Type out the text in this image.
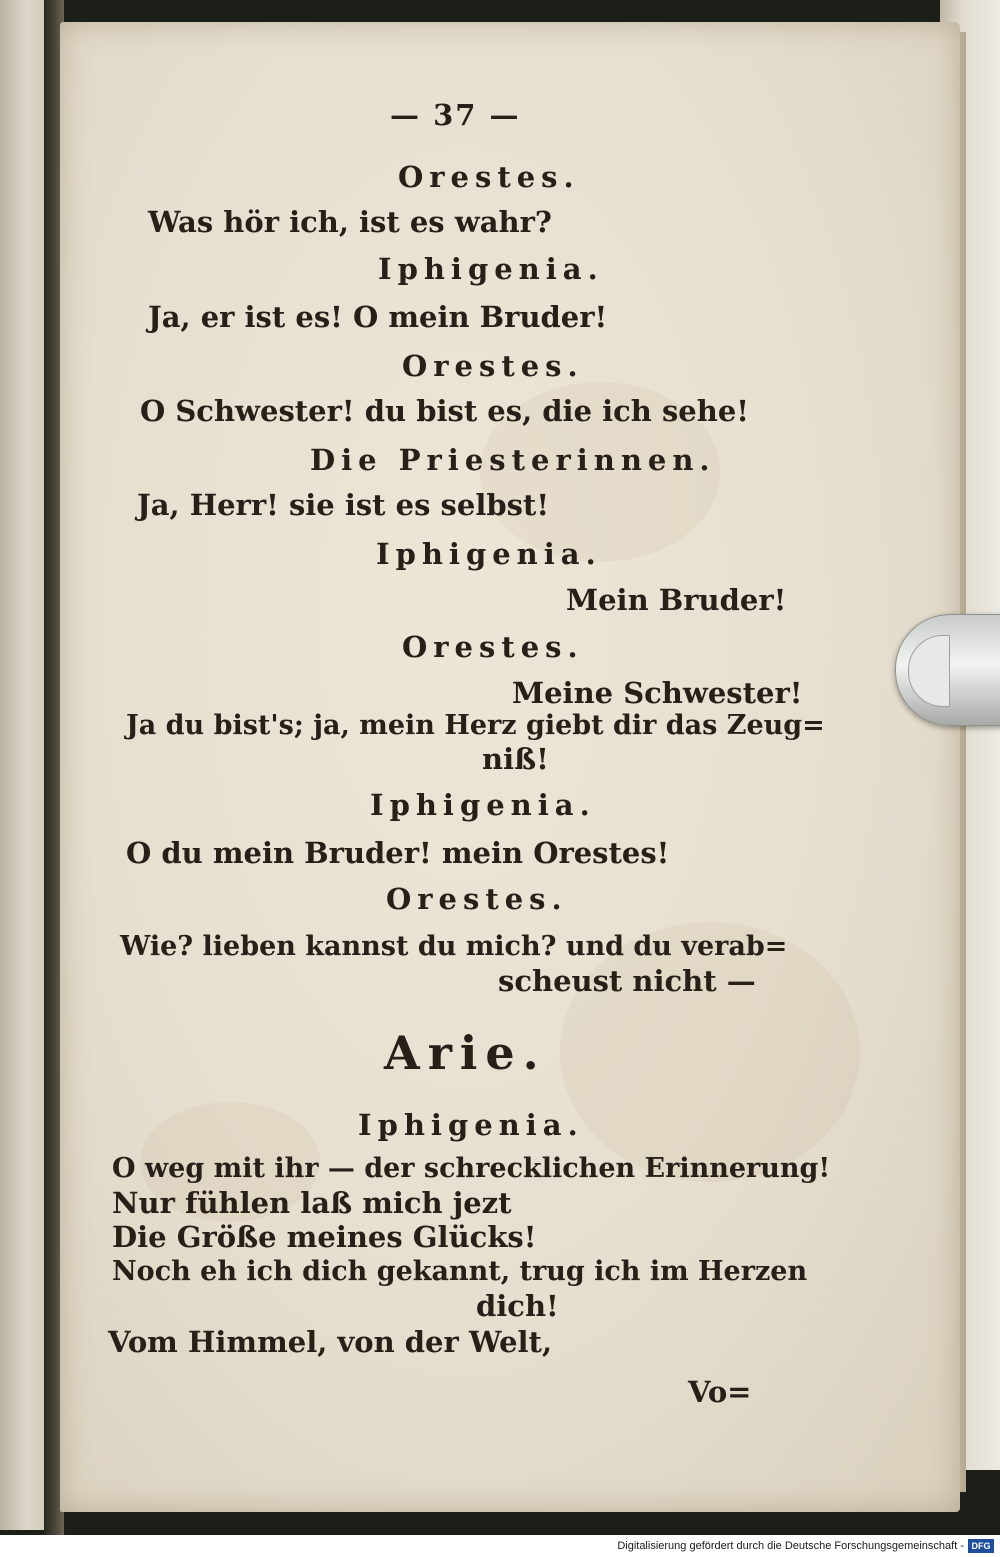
— 37 —

Orestes.

Was hör ich, ist es wahr?

Iphigenia.

Ja, er ist es! O mein Bruder!

Orestes.

O Schwester! du bist es, die ich sehe!

Die Priesterinnen.

Ja, Herr! sie ist es selbst!

Iphigenia.

Mein Bruder!

Orestes.

Meine Schwester!

Ja du bist's; ja, mein Herz giebt dir das Zeug=

niß!

Iphigenia.

O du mein Bruder! mein Orestes!

Orestes.

Wie? lieben kannst du mich? und du verab=

scheust nicht —

Arie.

Iphigenia.

O weg mit ihr — der schrecklichen Erinnerung!

Nur fühlen laß mich jezt

Die Größe meines Glücks!

Noch eh ich dich gekannt, trug ich im Herzen

dich!

Vom Himmel, von der Welt,

Vo=

Digitalisierung gefördert durch die Deutsche Forschungsgemeinschaft - DFG
